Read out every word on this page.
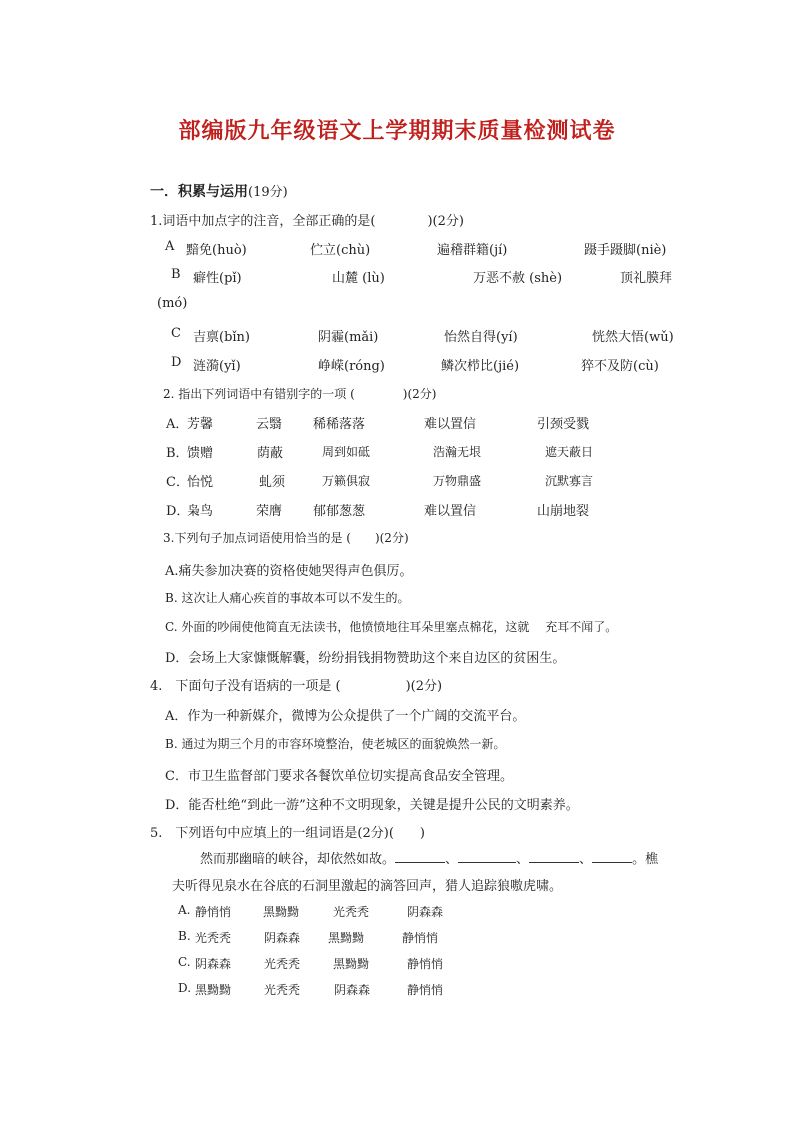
部编版九年级语文上学期期末质量检测试卷
一．积累与运用(19分)
1.词语中加点字的注音，全部正确的是(　　　　)(2分)
A 黯免(huò)	伫立(chù)	遍稽群籍(jí)	蹑手蹑脚(niè)
B 癖性(pǐ)	山麓 (lù)	万恶不赦 (shè)	顶礼膜拜
(mó)
C 吉禀(bǐn)	阴霾(mǎi)	怡然自得(yí)	恍然大悟(wǔ)
D 涟漪(yǐ)	峥嵘(róng)	鳞次栉比(jié)	猝不及防(cù)
2. 指出下列词语中有错别字的一项 (　　　　)(2分)
A．
芳馨	云翳 稀稀落落	难以置信	引颈受戮
B．
馈赠	荫蔽	周到如砥	浩瀚无垠	遮天蔽日
C．
怡悦	虬须	万籁俱寂	万物鼎盛	沉默寡言
D．
枭鸟	荣膺 郁郁葱葱	难以置信	山崩地裂
3.下列句子加点词语使用恰当的是 (　　)(2分)
A.痛失参加决赛的资格使她哭得声色俱厉。
B. 这次让人痛心疾首的事故本可以不发生的。
C. 外面的吵闹使他简直无法读书，他愤愤地往耳朵里塞点棉花，这就　 充耳不闻了。
D．会场上大家慷慨解囊，纷纷捐钱捐物赞助这个来自边区的贫困生。
4.　下面句子没有语病的一项是 (　　　　　)(2分)
A．作为一种新媒介，微博为公众提供了一个广阔的交流平台。
B. 通过为期三个月的市容环境整治，使老城区的面貌焕然一新。
C．市卫生监督部门要求各餐饮单位切实提高食品安全管理。
D．能否杜绝“到此一游”这种不文明现象，关键是提升公民的文明素养。
5.　下列语句中应填上的一组词语是(2分)(　　)
然而那幽暗的峡谷，却依然如故。	、	、	、	。樵
夫听得见泉水在谷底的石洞里激起的滴答回声，猎人追踪狼嗷虎啸。
A. 静悄悄	黑黝黝	光秃秃	阴森森
B. 光秃秃	阴森森 黑黝黝	静悄悄
C. 阴森森	光秃秃	黑黝黝	静悄悄
D. 黑黝黝	光秃秃	阴森森	静悄悄
